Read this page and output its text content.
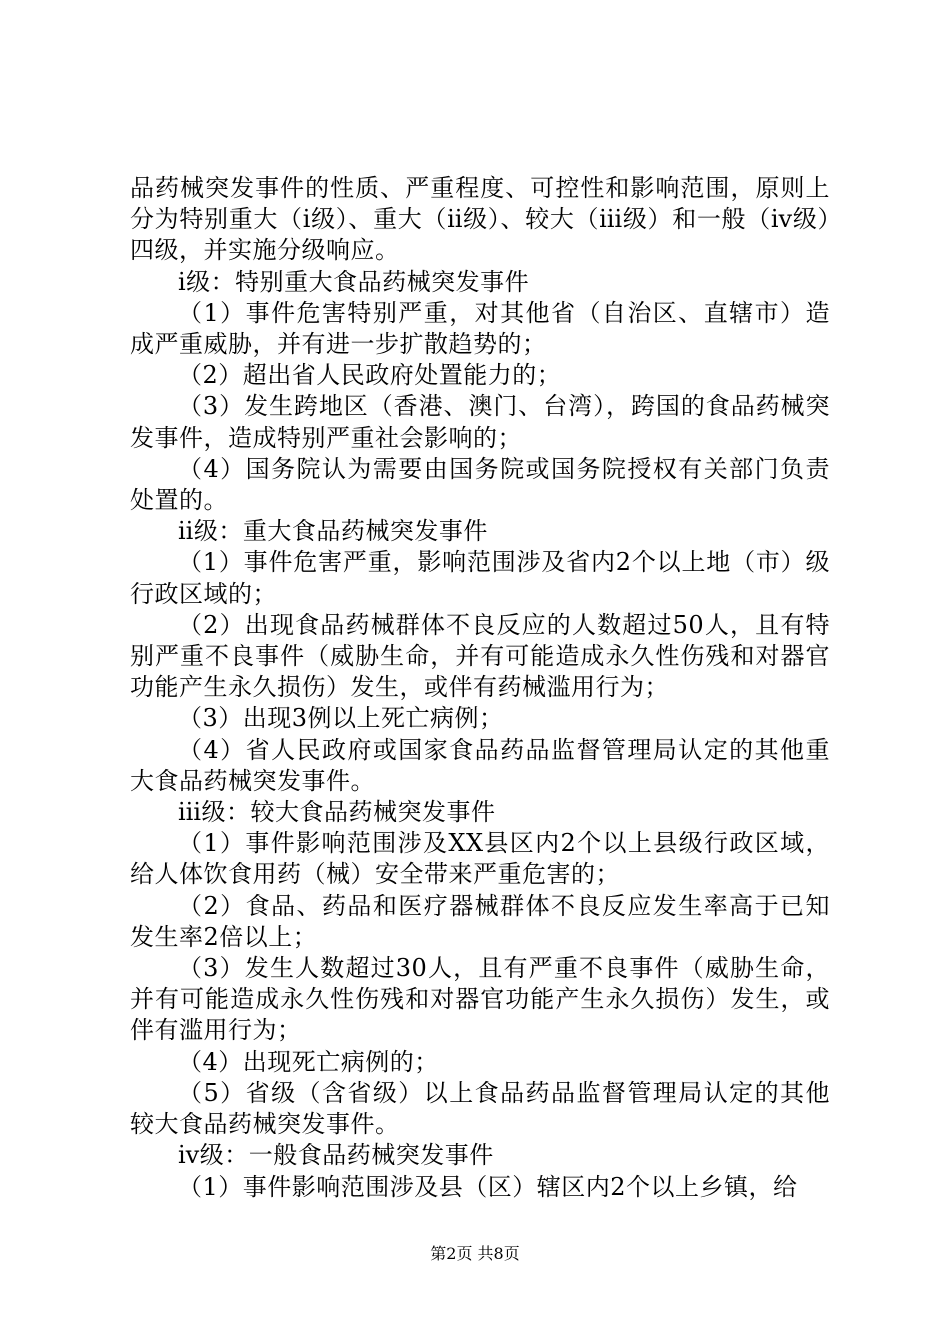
品药械突发事件的性质、严重程度、可控性和影响范围，原则上分为特别重大（ⅰ级）、重大（ⅱ级）、较大（ⅲ级）和一般（ⅳ级）四级，并实施分级响应。

ⅰ级：特别重大食品药械突发事件

（1）事件危害特别严重，对其他省（自治区、直辖市）造成严重威胁，并有进一步扩散趋势的；

（2）超出省人民政府处置能力的；

（3）发生跨地区（香港、澳门、台湾），跨国的食品药械突发事件，造成特别严重社会影响的；

（4）国务院认为需要由国务院或国务院授权有关部门负责处置的。

ⅱ级：重大食品药械突发事件

（1）事件危害严重，影响范围涉及省内2个以上地（市）级行政区域的；

（2）出现食品药械群体不良反应的人数超过50人，且有特别严重不良事件（威胁生命，并有可能造成永久性伤残和对器官功能产生永久损伤）发生，或伴有药械滥用行为；

（3）出现3例以上死亡病例；

（4）省人民政府或国家食品药品监督管理局认定的其他重大食品药械突发事件。

ⅲ级：较大食品药械突发事件

（1）事件影响范围涉及XX县区内2个以上县级行政区域，给人体饮食用药（械）安全带来严重危害的；

（2）食品、药品和医疗器械群体不良反应发生率高于已知发生率2倍以上；

（3）发生人数超过30人，且有严重不良事件（威胁生命，并有可能造成永久性伤残和对器官功能产生永久损伤）发生，或伴有滥用行为；

（4）出现死亡病例的；

（5）省级（含省级）以上食品药品监督管理局认定的其他较大食品药械突发事件。

ⅳ级：一般食品药械突发事件

（1）事件影响范围涉及县（区）辖区内2个以上乡镇，给

第2页 共8页
